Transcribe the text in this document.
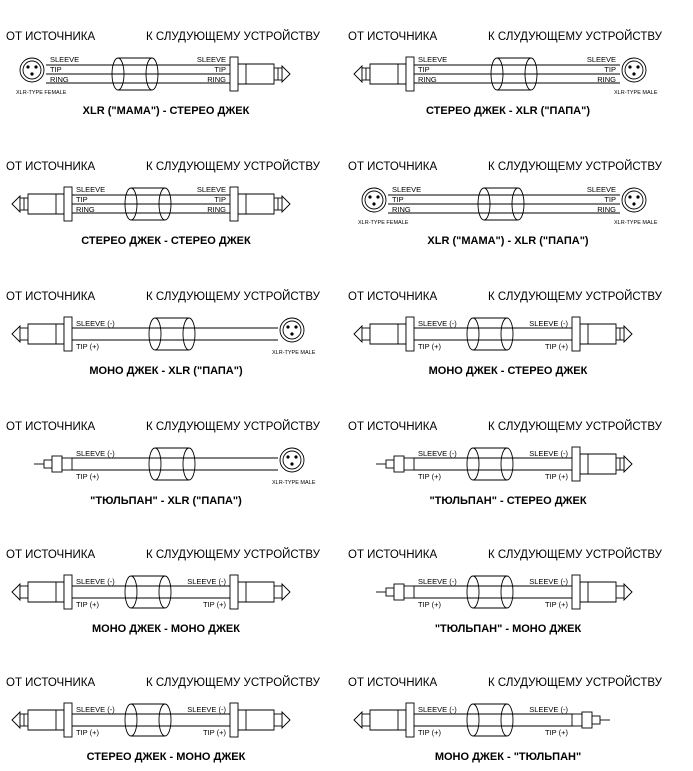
ОТ ИСТОЧНИКА	К СЛУДУЮЩЕМУ УСТРОЙСТВУ
SLEEVE
TIP
RING
SLEEVE
TIP
RING
XLR-TYPE FEMALE
XLR ("МАМА") - СТЕРЕО ДЖЕК
ОТ ИСТОЧНИКА	К СЛУДУЮЩЕМУ УСТРОЙСТВУ
SLEEVE
TIP
RING
SLEEVE
TIP
RING
XLR-TYPE MALE
СТЕРЕО ДЖЕК - XLR ("ПАПА")
ОТ ИСТОЧНИКА	К СЛУДУЮЩЕМУ УСТРОЙСТВУ
SLEEVE
TIP
RING
SLEEVE
TIP
RING
СТЕРЕО ДЖЕК - СТЕРЕО ДЖЕК
ОТ ИСТОЧНИКА	К СЛУДУЮЩЕМУ УСТРОЙСТВУ
SLEEVE
TIP
RING
SLEEVE
TIP
RING
XLR-TYPE FEMALE	XLR-TYPE MALE
XLR ("МАМА") - XLR ("ПАПА")
ОТ ИСТОЧНИКА	К СЛУДУЮЩЕМУ УСТРОЙСТВУ
SLEEVE (-)
TIP (+)
XLR-TYPE MALE
МОНО ДЖЕК - XLR ("ПАПА")
ОТ ИСТОЧНИКА	К СЛУДУЮЩЕМУ УСТРОЙСТВУ
SLEEVE (-)
TIP (+)
SLEEVE (-)
TIP (+)
МОНО ДЖЕК - СТЕРЕО ДЖЕК
ОТ ИСТОЧНИКА	К СЛУДУЮЩЕМУ УСТРОЙСТВУ
SLEEVE (-)
TIP (+)
XLR-TYPE MALE
"ТЮЛЬПАН" - XLR ("ПАПА")
ОТ ИСТОЧНИКА	К СЛУДУЮЩЕМУ УСТРОЙСТВУ
SLEEVE (-)
TIP (+)
SLEEVE (-)
TIP (+)
"ТЮЛЬПАН" - СТЕРЕО ДЖЕК
ОТ ИСТОЧНИКА	К СЛУДУЮЩЕМУ УСТРОЙСТВУ
SLEEVE (-)
TIP (+)
SLEEVE (-)
TIP (+)
МОНО ДЖЕК - МОНО ДЖЕК
ОТ ИСТОЧНИКА	К СЛУДУЮЩЕМУ УСТРОЙСТВУ
SLEEVE (-)
TIP (+)
SLEEVE (-)
TIP (+)
"ТЮЛЬПАН" - МОНО ДЖЕК
ОТ ИСТОЧНИКА	К СЛУДУЮЩЕМУ УСТРОЙСТВУ
SLEEVE (-)
TIP (+)
SLEEVE (-)
TIP (+)
СТЕРЕО ДЖЕК - МОНО ДЖЕК
ОТ ИСТОЧНИКА	К СЛУДУЮЩЕМУ УСТРОЙСТВУ
SLEEVE (-)
TIP (+)
SLEEVE (-)
TIP (+)
МОНО ДЖЕК - "ТЮЛЬПАН"
